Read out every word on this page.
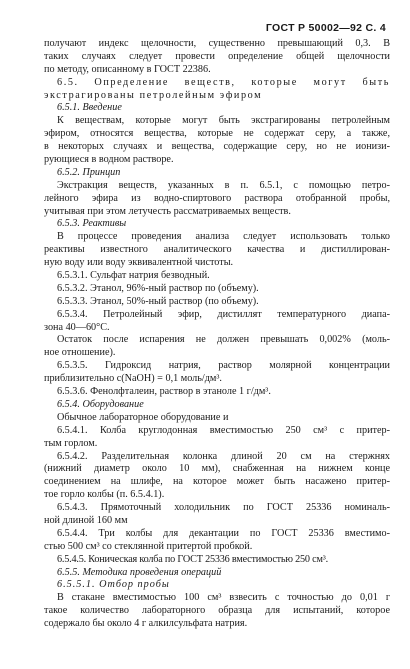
ГОСТ Р 50002—92 С. 4
получают индекс щелочности, существенно превышающий 0,3. В
таких случаях следует провести определение общей щелочности
по методу, описанному в ГОСТ 22386.
6.5. Определение веществ, которые могут быть
экстрагированы петролейным эфиром
6.5.1. Введение
К веществам, которые могут быть экстрагированы петролейным
эфиром, относятся вещества, которые не содержат серу, а также,
в некоторых случаях и вещества, содержащие серу, но не ионизи-
рующиеся в водном растворе.
6.5.2. Принцип
Экстракция веществ, указанных в п. 6.5.1, с помощью петро-
лейного эфира из водно-спиртового раствора отобранной пробы,
учитывая при этом летучесть рассматриваемых веществ.
6.5.3. Реактивы
В процессе проведения анализа следует использовать только
реактивы известного аналитического качества и дистиллирован-
ную воду или воду эквивалентной чистоты.
6.5.3.1. Сульфат натрия безводный.
6.5.3.2. Этанол, 96%-ный раствор по (объему).
6.5.3.3. Этанол, 50%-ный раствор (по объему).
6.5.3.4. Петролейный эфир, дистиллят температурного диапа-
зона 40—60°С.
Остаток после испарения не должен превышать 0,002% (моль-
ное отношение).
6.5.3.5. Гидроксид натрия, раствор молярной концентрации
приблизительно c(NaOH) = 0,1 моль/дм³.
6.5.3.6. Фенолфталеин, раствор в этаноле 1 г/дм³.
6.5.4. Оборудование
Обычное лабораторное оборудование и
6.5.4.1. Колба круглодонная вместимостью 250 см³ с притер-
тым горлом.
6.5.4.2. Разделительная колонка длиной 20 см на стержнях
(нижний диаметр около 10 мм), снабженная на нижнем конце
соединением на шлифе, на которое может быть насажено притер-
тое горло колбы (п. 6.5.4.1).
6.5.4.3. Прямоточный холодильник по ГОСТ 25336 номиналь-
ной длиной 160 мм
6.5.4.4. Три колбы для декантации по ГОСТ 25336 вместимо-
стью 500 см³ со стеклянной притертой пробкой.
6.5.4.5. Коническая колба по ГОСТ 25336 вместимостью 250 см³.
6.5.5. Методика проведения операций
6.5.5.1. Отбор пробы
В стакане вместимостью 100 см³ взвесить с точностью до 0,01 г
такое количество лабораторного образца для испытаний, которое
содержало бы около 4 г алкилсульфата натрия.
